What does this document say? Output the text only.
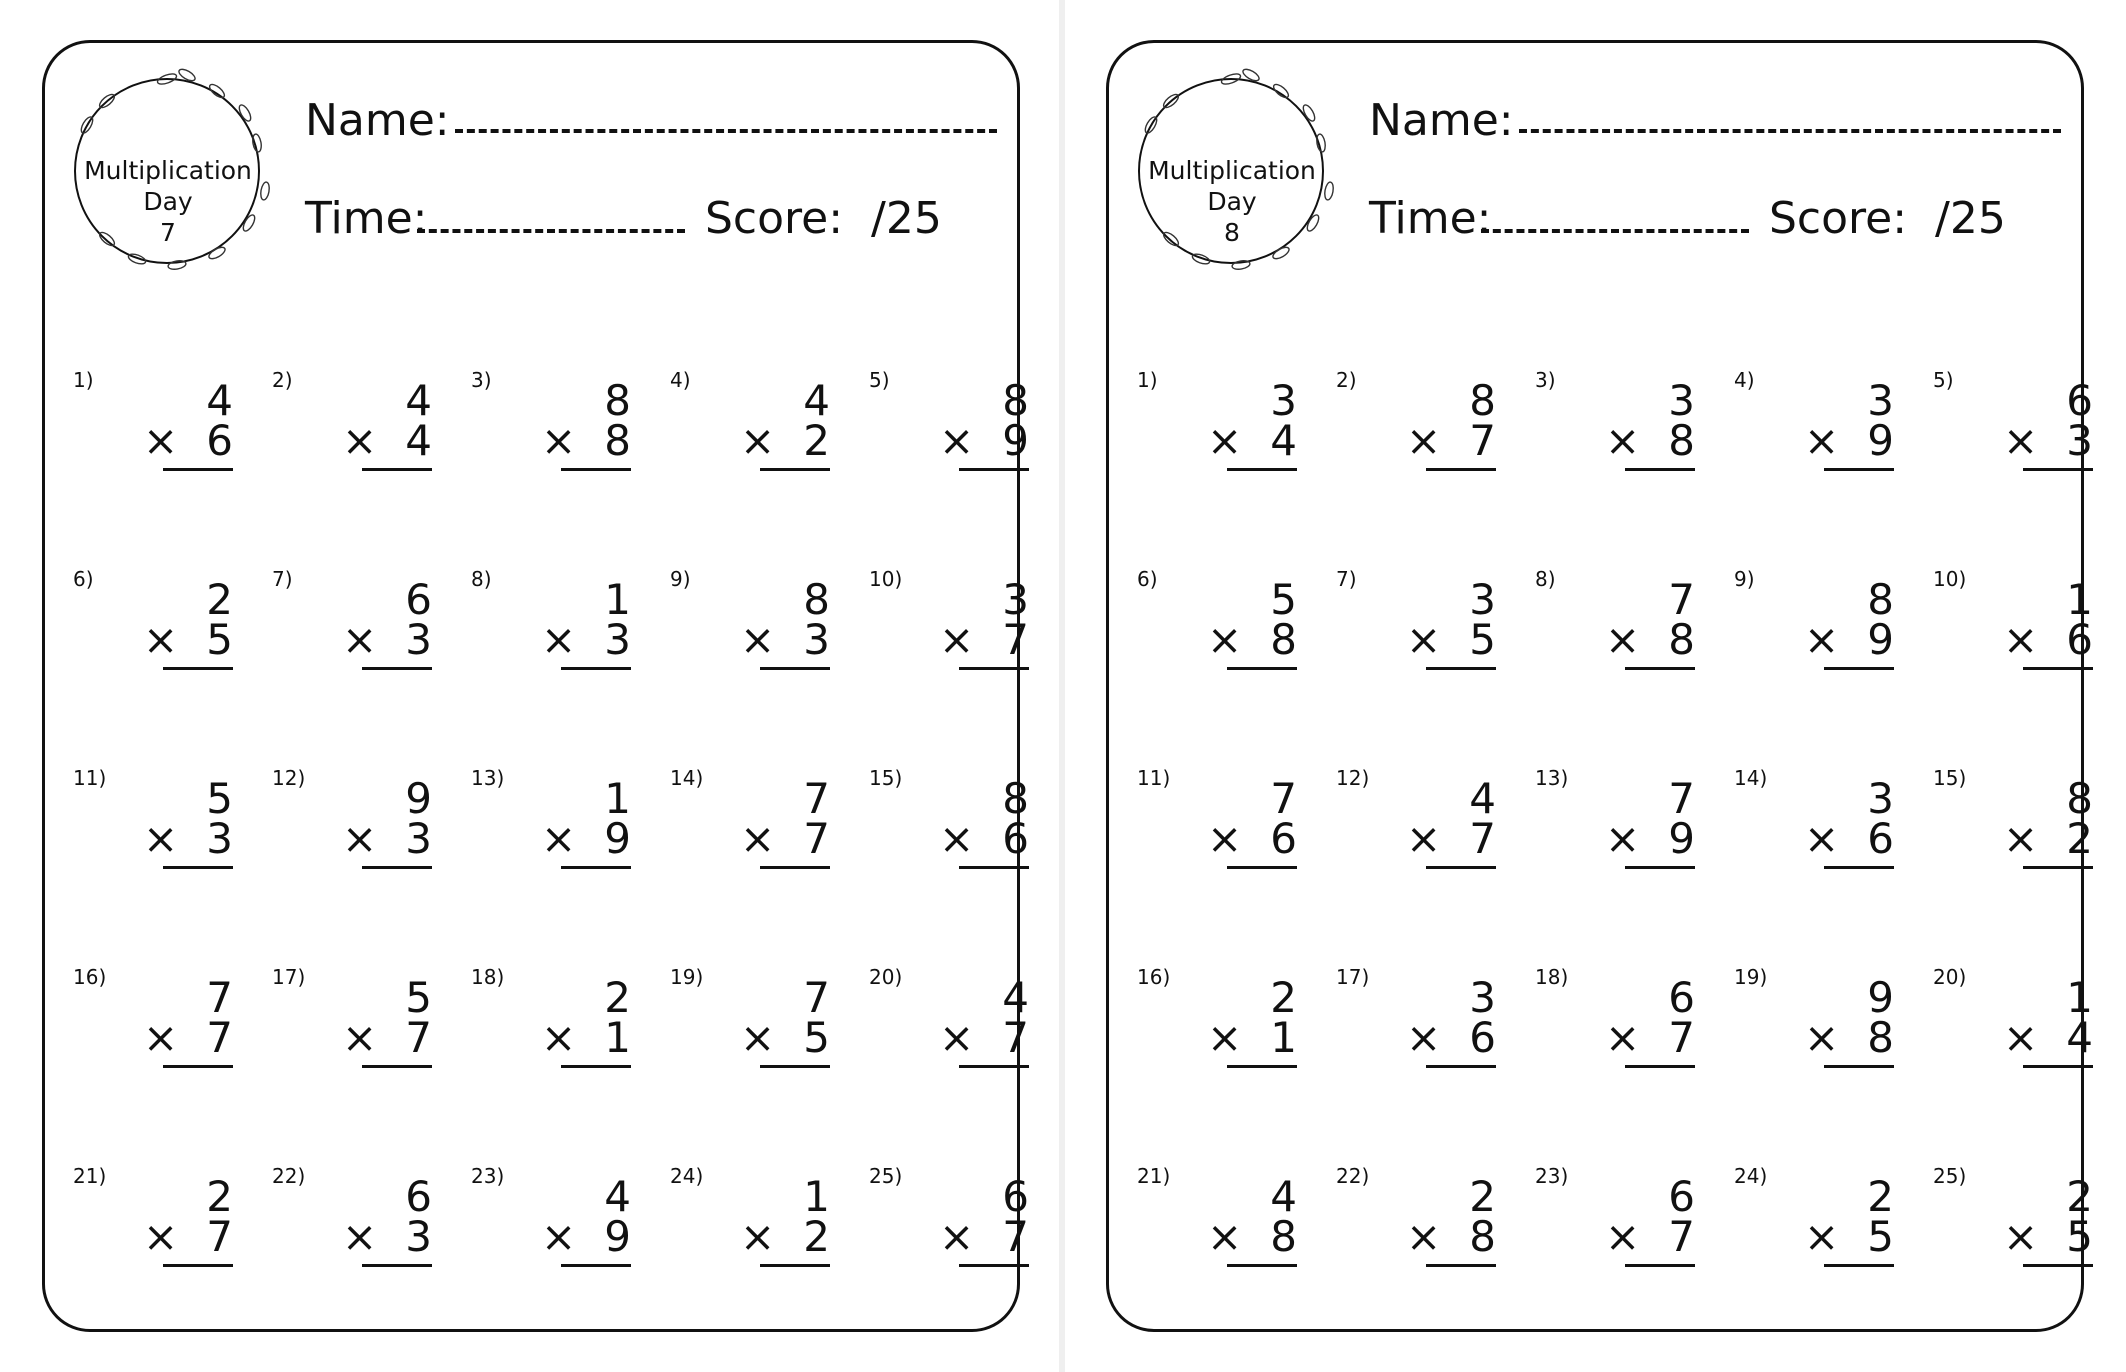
Multiplication
Day
7
Name:
Time:	Score: /25
1)	4
× 6
2)	4
× 4
3)	8
× 8
4)	4
× 2
5)	8
× 9
6)	2
× 5
7)	6
× 3
8)	1
× 3
9)	8
× 3
10)	3
× 7
11)	5
× 3
12)	9
× 3
13)	1
× 9
14)	7
× 7
15)	8
× 6
16)	7
× 7
17)	5
× 7
18)	2
× 1
19)	7
× 5
20)	4
× 7
21)	2
× 7
22)	6
× 3
23)	4
× 9
24)	1
× 2
25)	6
× 7
Multiplication
Day
8
Name:
Time:	Score: /25
1)	3
× 4
2)	8
× 7
3)	3
× 8
4)	3
× 9
5)	6
× 3
6)	5
× 8
7)	3
× 5
8)	7
× 8
9)	8
× 9
10)	1
× 6
11)	7
× 6
12)	4
× 7
13)	7
× 9
14)	3
× 6
15)	8
× 2
16)	2
× 1
17)	3
× 6
18)	6
× 7
19)	9
× 8
20)	1
× 4
21)	4
× 8
22)	2
× 8
23)	6
× 7
24)	2
× 5
25)	2
× 5
